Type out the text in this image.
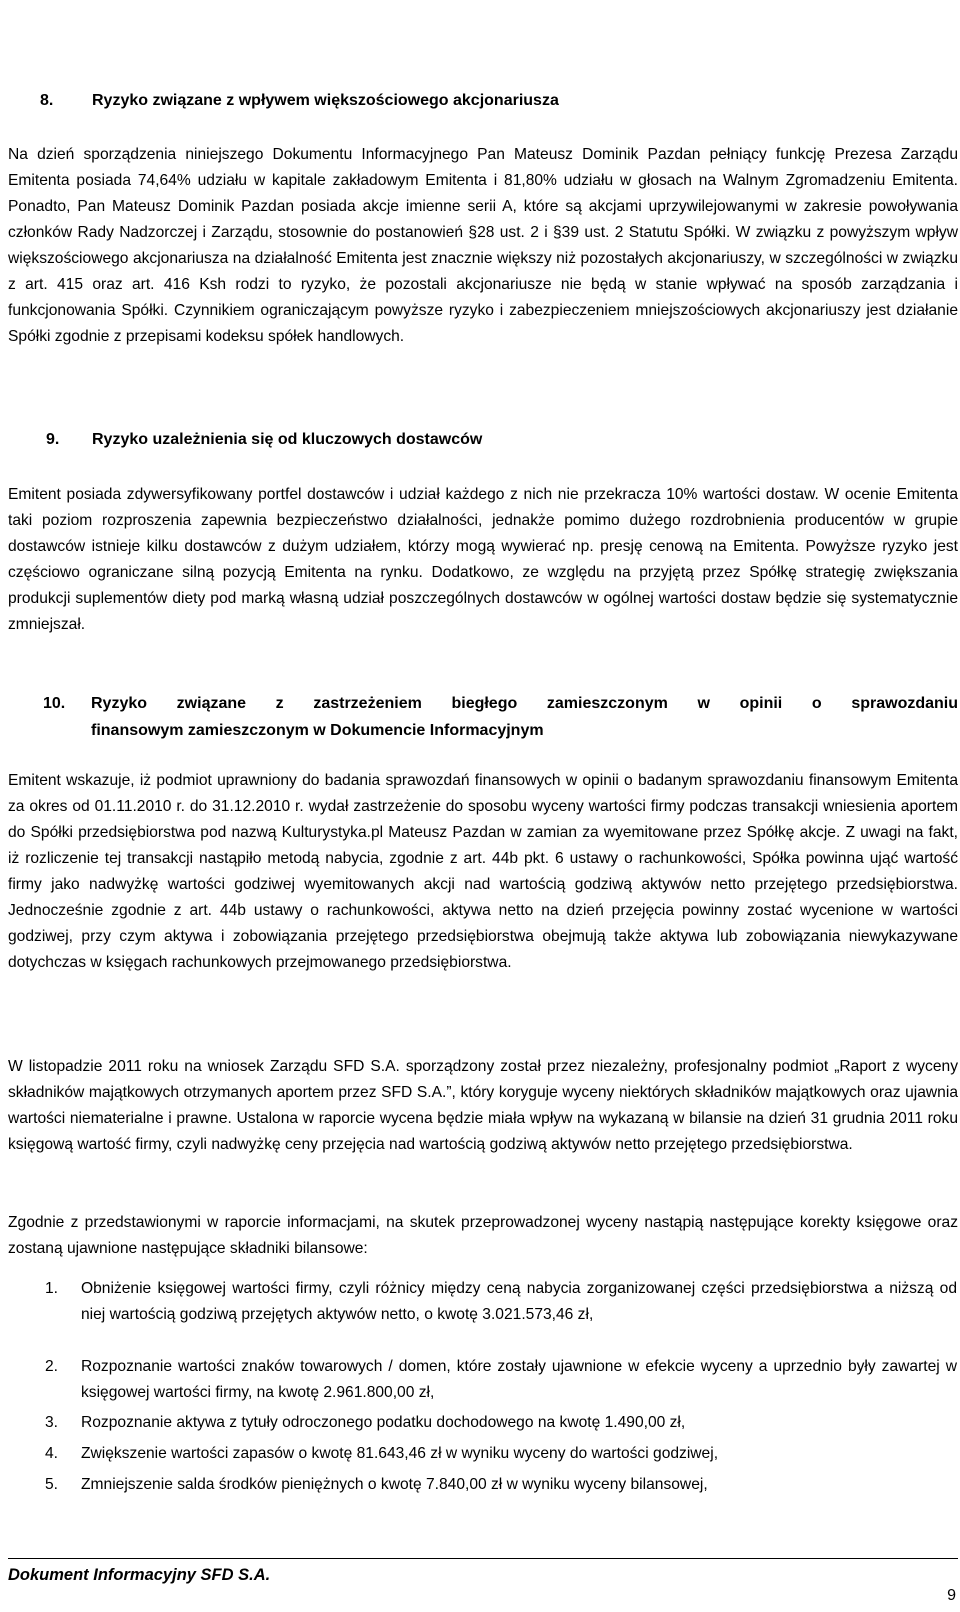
8. Ryzyko związane z wpływem większościowego akcjonariusza

Na dzień sporządzenia niniejszego Dokumentu Informacyjnego Pan Mateusz Dominik Pazdan pełniący funkcję Prezesa Zarządu Emitenta posiada 74,64% udziału w kapitale zakładowym Emitenta i 81,80% udziału w głosach na Walnym Zgromadzeniu Emitenta. Ponadto, Pan Mateusz Dominik Pazdan posiada akcje imienne serii A, które są akcjami uprzywilejowanymi w zakresie powoływania członków Rady Nadzorczej i Zarządu, stosownie do postanowień §28 ust. 2 i §39 ust. 2 Statutu Spółki. W związku z powyższym wpływ większościowego akcjonariusza na działalność Emitenta jest znacznie większy niż pozostałych akcjonariuszy, w szczególności w związku z art. 415 oraz art. 416 Ksh rodzi to ryzyko, że pozostali akcjonariusze nie będą w stanie wpływać na sposób zarządzania i funkcjonowania Spółki. Czynnikiem ograniczającym powyższe ryzyko i zabezpieczeniem mniejszościowych akcjonariuszy jest działanie Spółki zgodnie z przepisami kodeksu spółek handlowych.

9. Ryzyko uzależnienia się od kluczowych dostawców

Emitent posiada zdywersyfikowany portfel dostawców i udział każdego z nich nie przekracza 10% wartości dostaw. W ocenie Emitenta taki poziom rozproszenia zapewnia bezpieczeństwo działalności, jednakże pomimo dużego rozdrobnienia producentów w grupie dostawców istnieje kilku dostawców z dużym udziałem, którzy mogą wywierać np. presję cenową na Emitenta. Powyższe ryzyko jest częściowo ograniczane silną pozycją Emitenta na rynku. Dodatkowo, ze względu na przyjętą przez Spółkę strategię zwiększania produkcji suplementów diety pod marką własną udział poszczególnych dostawców w ogólnej wartości dostaw będzie się systematycznie zmniejszał.

10. Ryzyko związane z zastrzeżeniem biegłego zamieszczonym w opinii o sprawozdaniu
finansowym zamieszczonym w Dokumencie Informacyjnym

Emitent wskazuje, iż podmiot uprawniony do badania sprawozdań finansowych w opinii o badanym sprawozdaniu finansowym Emitenta za okres od 01.11.2010 r. do 31.12.2010 r. wydał zastrzeżenie do sposobu wyceny wartości firmy podczas transakcji wniesienia aportem do Spółki przedsiębiorstwa pod nazwą Kulturystyka.pl Mateusz Pazdan w zamian za wyemitowane przez Spółkę akcje. Z uwagi na fakt, iż rozliczenie tej transakcji nastąpiło metodą nabycia, zgodnie z art. 44b pkt. 6 ustawy o rachunkowości, Spółka powinna ująć wartość firmy jako nadwyżkę wartości godziwej wyemitowanych akcji nad wartością godziwą aktywów netto przejętego przedsiębiorstwa. Jednocześnie zgodnie z art. 44b ustawy o rachunkowości, aktywa netto na dzień przejęcia powinny zostać wycenione w wartości godziwej, przy czym aktywa i zobowiązania przejętego przedsiębiorstwa obejmują także aktywa lub zobowiązania niewykazywane dotychczas w księgach rachunkowych przejmowanego przedsiębiorstwa.

W listopadzie 2011 roku na wniosek Zarządu SFD S.A. sporządzony został przez niezależny, profesjonalny podmiot „Raport z wyceny składników majątkowych otrzymanych aportem przez SFD S.A.”, który koryguje wyceny niektórych składników majątkowych oraz ujawnia wartości niematerialne i prawne. Ustalona w raporcie wycena będzie miała wpływ na wykazaną w bilansie na dzień 31 grudnia 2011 roku księgową wartość firmy, czyli nadwyżkę ceny przejęcia nad wartością godziwą aktywów netto przejętego przedsiębiorstwa.

Zgodnie z przedstawionymi w raporcie informacjami, na skutek przeprowadzonej wyceny nastąpią następujące korekty księgowe oraz zostaną ujawnione następujące składniki bilansowe:

1. Obniżenie księgowej wartości firmy, czyli różnicy między ceną nabycia zorganizowanej części przedsiębiorstwa a niższą od niej wartością godziwą przejętych aktywów netto, o kwotę 3.021.573,46 zł,
2. Rozpoznanie wartości znaków towarowych / domen, które zostały ujawnione w efekcie wyceny a uprzednio były zawartej w księgowej wartości firmy, na kwotę 2.961.800,00 zł,
3. Rozpoznanie aktywa z tytuły odroczonego podatku dochodowego na kwotę 1.490,00 zł,
4. Zwiększenie wartości zapasów o kwotę 81.643,46 zł w wyniku wyceny do wartości godziwej,
5. Zmniejszenie salda środków pieniężnych o kwotę 7.840,00 zł w wyniku wyceny bilansowej,
Dokument Informacyjny SFD S.A.
9
